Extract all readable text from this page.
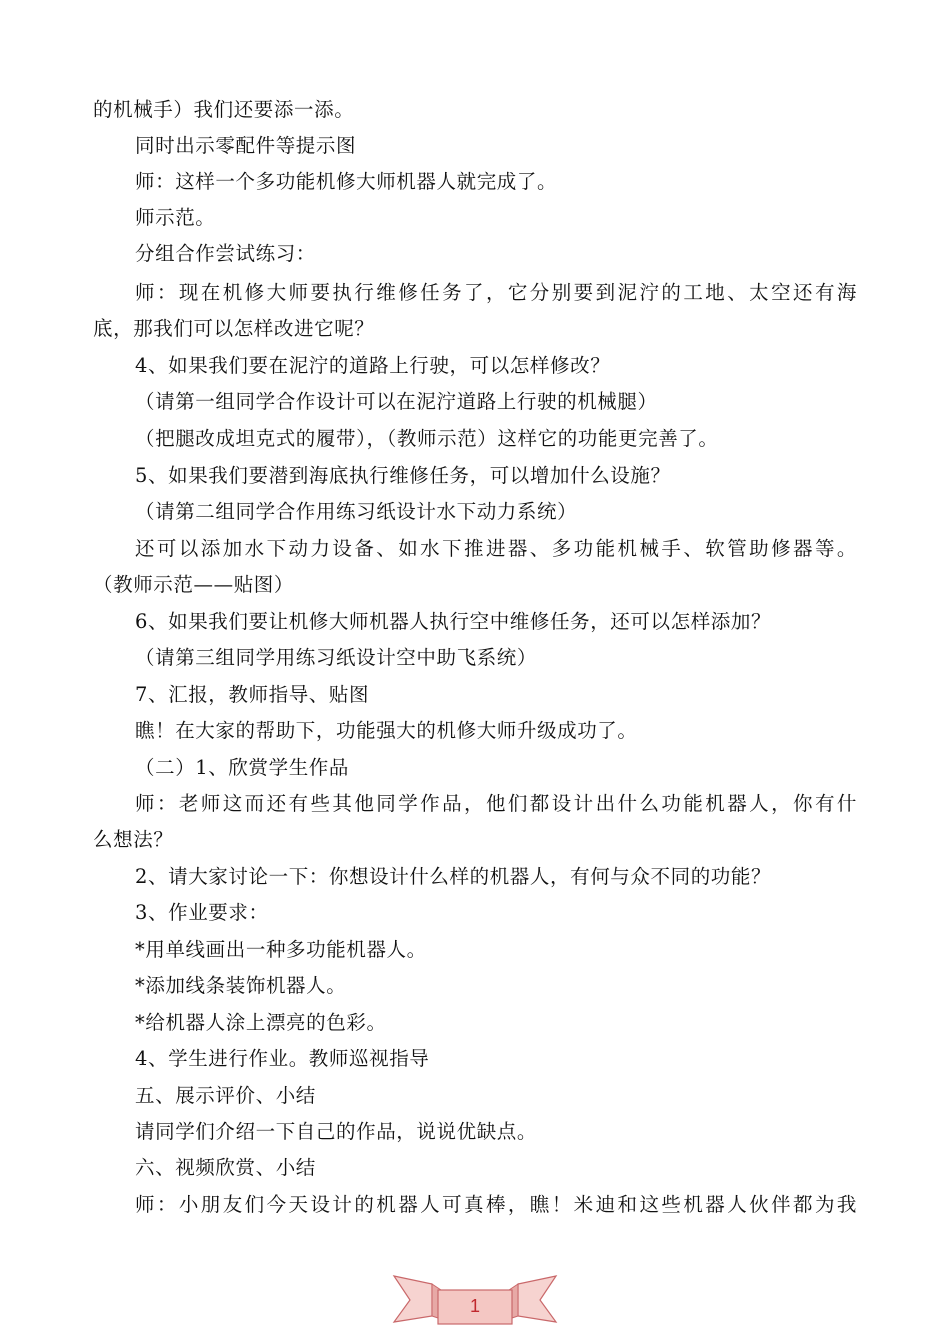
的机械手）我们还要添一添。
同时出示零配件等提示图
师：这样一个多功能机修大师机器人就完成了。
师示范。
分组合作尝试练习：
师：现在机修大师要执行维修任务了，它分别要到泥泞的工地、太空还有海
底，那我们可以怎样改进它呢？
4、如果我们要在泥泞的道路上行驶，可以怎样修改？
（请第一组同学合作设计可以在泥泞道路上行驶的机械腿）
（把腿改成坦克式的履带），（教师示范）这样它的功能更完善了。
5、如果我们要潜到海底执行维修任务，可以增加什么设施？
（请第二组同学合作用练习纸设计水下动力系统）
还可以添加水下动力设备、如水下推进器、多功能机械手、软管助修器等。
（教师示范——贴图）
6、如果我们要让机修大师机器人执行空中维修任务，还可以怎样添加？
（请第三组同学用练习纸设计空中助飞系统）
7、汇报，教师指导、贴图
瞧！在大家的帮助下，功能强大的机修大师升级成功了。
（二）1、欣赏学生作品
师：老师这而还有些其他同学作品，他们都设计出什么功能机器人，你有什
么想法？
2、请大家讨论一下：你想设计什么样的机器人，有何与众不同的功能？
3、作业要求：
*用单线画出一种多功能机器人。
*添加线条装饰机器人。
*给机器人涂上漂亮的色彩。
4、学生进行作业。教师巡视指导
五、展示评价、小结
请同学们介绍一下自己的作品，说说优缺点。
六、视频欣赏、小结
师：小朋友们今天设计的机器人可真棒，瞧！米迪和这些机器人伙伴都为我
1
